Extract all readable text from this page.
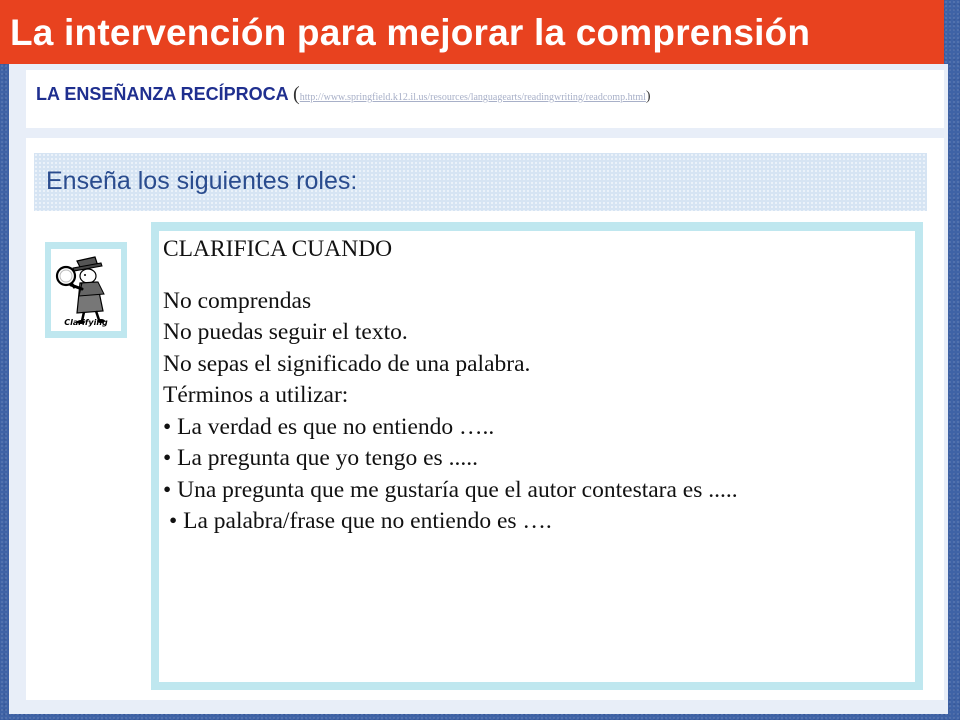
La intervención para mejorar la comprensión
LA ENSEÑANZA RECÍPROCA (http://www.springfield.k12.il.us/resources/languagearts/readingwriting/readcomp.html)
Enseña los siguientes roles:
Clarifying

CLARIFICA CUANDO

No comprendas

No puedas seguir el texto.

No sepas el significado de una palabra.

Términos a utilizar:

• La verdad es que no entiendo …..

• La pregunta que yo tengo es .....

• Una pregunta que me gustaría que el autor contestara es .....

• La palabra/frase que no entiendo es ….
